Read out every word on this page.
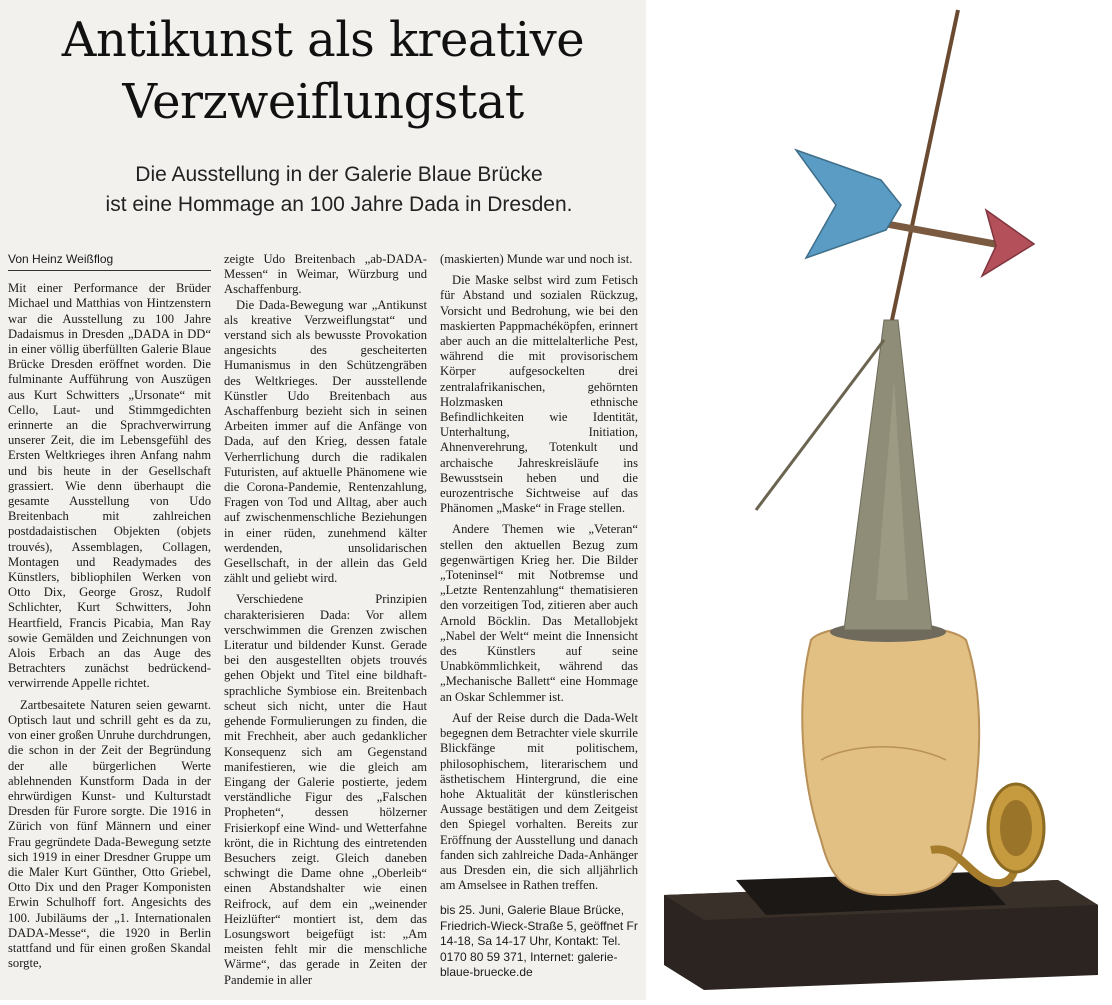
Antikunst als kreative
Verzweiflungstat
Die Ausstellung in der Galerie Blaue Brücke
ist eine Hommage an 100 Jahre Dada in Dresden.
Von Heinz Weißflog

Mit einer Performance der Brüder Michael und Matthias von Hintzenstern war die Ausstellung zu 100 Jahre Dadaismus in Dresden „DADA in DD“ in einer völlig überfüllten Galerie Blaue Brücke Dresden eröffnet worden. Die fulminante Aufführung von Auszügen aus Kurt Schwitters „Ursonate“ mit Cello, Laut- und Stimmgedichten erinnerte an die Sprachverwirrung unserer Zeit, die im Lebensgefühl des Ersten Weltkrieges ihren Anfang nahm und bis heute in der Gesellschaft grassiert. Wie denn überhaupt die gesamte Ausstellung von Udo Breitenbach mit zahlreichen postdadaistischen Objekten (objets trouvés), Assemblagen, Collagen, Montagen und Readymades des Künstlers, bibliophilen Werken von Otto Dix, George Grosz, Rudolf Schlichter, Kurt Schwitters, John Heartfield, Francis Picabia, Man Ray sowie Gemälden und Zeichnungen von Alois Erbach an das Auge des Betrachters zunächst bedrückend-verwirrende Appelle richtet.

Zartbesaitete Naturen seien gewarnt. Optisch laut und schrill geht es da zu, von einer großen Unruhe durchdrungen, die schon in der Zeit der Begründung der alle bürgerlichen Werte ablehnenden Kunstform Dada in der ehrwürdigen Kunst- und Kulturstadt Dresden für Furore sorgte. Die 1916 in Zürich von fünf Männern und einer Frau gegründete Dada-Bewegung setzte sich 1919 in einer Dresdner Gruppe um die Maler Kurt Günther, Otto Griebel, Otto Dix und den Prager Komponisten Erwin Schulhoff fort. Angesichts des 100. Jubiläums der „1. Internationalen DADA-Messe“, die 1920 in Berlin stattfand und für einen großen Skandal sorgte,

zeigte Udo Breitenbach „ab-DADA-Messen“ in Weimar, Würzburg und Aschaffenburg.

Die Dada-Bewegung war „Antikunst als kreative Verzweiflungstat“ und verstand sich als bewusste Provokation angesichts des gescheiterten Humanismus in den Schützengräben des Weltkrieges. Der ausstellende Künstler Udo Breitenbach aus Aschaffenburg bezieht sich in seinen Arbeiten immer auf die Anfänge von Dada, auf den Krieg, dessen fatale Verherrlichung durch die radikalen Futuristen, auf aktuelle Phänomene wie die Corona-Pandemie, Rentenzahlung, Fragen von Tod und Alltag, aber auch auf zwischenmenschliche Beziehungen in einer rüden, zunehmend kälter werdenden, unsolidarischen Gesellschaft, in der allein das Geld zählt und geliebt wird.

Verschiedene Prinzipien charakterisieren Dada: Vor allem verschwimmen die Grenzen zwischen Literatur und bildender Kunst. Gerade bei den ausgestellten objets trouvés gehen Objekt und Titel eine bildhaft-sprachliche Symbiose ein. Breitenbach scheut sich nicht, unter die Haut gehende Formulierungen zu finden, die mit Frechheit, aber auch gedanklicher Konsequenz sich am Gegenstand manifestieren, wie die gleich am Eingang der Galerie postierte, jedem verständliche Figur des „Falschen Propheten“, dessen hölzerner Frisierkopf eine Wind- und Wetterfahne krönt, die in Richtung des eintretenden Besuchers zeigt. Gleich daneben schwingt die Dame ohne „Oberleib“ einen Abstandshalter wie einen Reifrock, auf dem ein „weinender Heizlüfter“ montiert ist, dem das Losungswort beigefügt ist: „Am meisten fehlt mir die menschliche Wärme“, das gerade in Zeiten der Pandemie in aller

(maskierten) Munde war und noch ist.

Die Maske selbst wird zum Fetisch für Abstand und sozialen Rückzug, Vorsicht und Bedrohung, wie bei den maskierten Pappmachéköpfen, erinnert aber auch an die mittelalterliche Pest, während die mit provisorischem Körper aufgesockelten drei zentralafrikanischen, gehörnten Holzmasken ethnische Befindlichkeiten wie Identität, Unterhaltung, Initiation, Ahnenverehrung, Totenkult und archaische Jahreskreisläufe ins Bewusstsein heben und die eurozentrische Sichtweise auf das Phänomen „Maske“ in Frage stellen.

Andere Themen wie „Veteran“ stellen den aktuellen Bezug zum gegenwärtigen Krieg her. Die Bilder „Toteninsel“ mit Notbremse und „Letzte Rentenzahlung“ thematisieren den vorzeitigen Tod, zitieren aber auch Arnold Böcklin. Das Metallobjekt „Nabel der Welt“ meint die Innensicht des Künstlers auf seine Unabkömmlichkeit, während das „Mechanische Ballett“ eine Hommage an Oskar Schlemmer ist.

Auf der Reise durch die Dada-Welt begegnen dem Betrachter viele skurrile Blickfänge mit politischem, philosophischem, literarischem und ästhetischem Hintergrund, die eine hohe Aktualität der künstlerischen Aussage bestätigen und dem Zeitgeist den Spiegel vorhalten. Bereits zur Eröffnung der Ausstellung und danach fanden sich zahlreiche Dada-Anhänger aus Dresden ein, die sich alljährlich am Amselsee in Rathen treffen.

bis 25. Juni, Galerie Blaue Brücke, Friedrich-Wieck-Straße 5, geöffnet Fr 14-18, Sa 14-17 Uhr, Kontakt: Tel. 0170 80 59 371, Internet: galerie-blaue-bruecke.de
